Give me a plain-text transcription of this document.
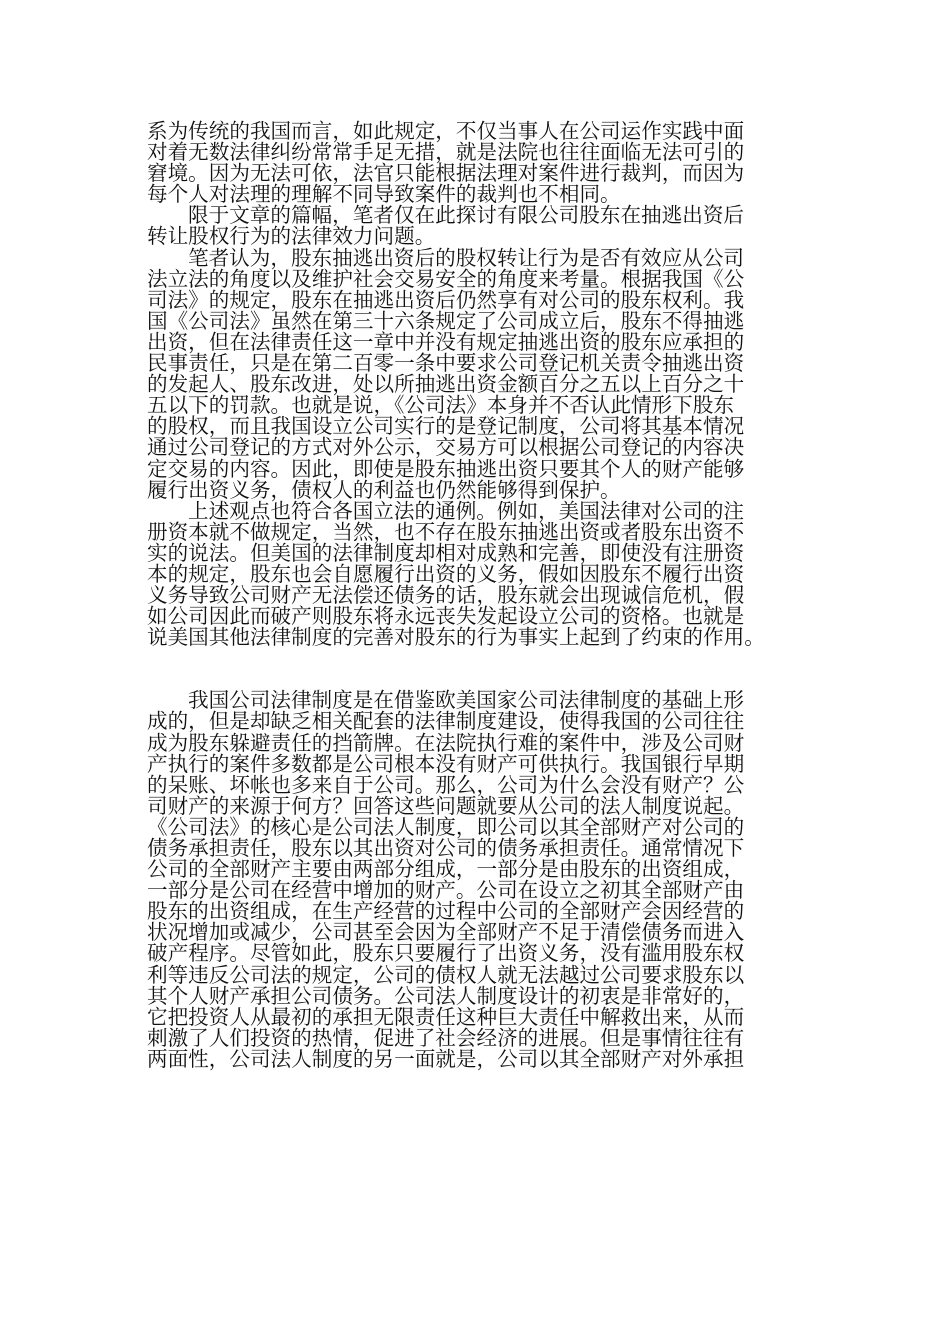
系为传统的我国而言，如此规定，不仅当事人在公司运作实践中面
对着无数法律纠纷常常手足无措，就是法院也往往面临无法可引的
窘境。因为无法可依，法官只能根据法理对案件进行裁判，而因为
每个人对法理的理解不同导致案件的裁判也不相同。
限于文章的篇幅，笔者仅在此探讨有限公司股东在抽逃出资后
转让股权行为的法律效力问题。
笔者认为，股东抽逃出资后的股权转让行为是否有效应从公司
法立法的角度以及维护社会交易安全的角度来考量。根据我国《公
司法》的规定，股东在抽逃出资后仍然享有对公司的股东权利。我
国《公司法》虽然在第三十六条规定了公司成立后，股东不得抽逃
出资，但在法律责任这一章中并没有规定抽逃出资的股东应承担的
民事责任，只是在第二百零一条中要求公司登记机关责令抽逃出资
的发起人、股东改进，处以所抽逃出资金额百分之五以上百分之十
五以下的罚款。也就是说，《公司法》本身并不否认此情形下股东
的股权，而且我国设立公司实行的是登记制度，公司将其基本情况
通过公司登记的方式对外公示，交易方可以根据公司登记的内容决
定交易的内容。因此，即使是股东抽逃出资只要其个人的财产能够
履行出资义务，债权人的利益也仍然能够得到保护。
上述观点也符合各国立法的通例。例如，美国法律对公司的注
册资本就不做规定，当然，也不存在股东抽逃出资或者股东出资不
实的说法。但美国的法律制度却相对成熟和完善，即使没有注册资
本的规定，股东也会自愿履行出资的义务，假如因股东不履行出资
义务导致公司财产无法偿还债务的话，股东就会出现诚信危机，假
如公司因此而破产则股东将永远丧失发起设立公司的资格。也就是
说美国其他法律制度的完善对股东的行为事实上起到了约束的作用。
我国公司法律制度是在借鉴欧美国家公司法律制度的基础上形
成的，但是却缺乏相关配套的法律制度建设，使得我国的公司往往
成为股东躲避责任的挡箭牌。在法院执行难的案件中，涉及公司财
产执行的案件多数都是公司根本没有财产可供执行。我国银行早期
的呆账、坏帐也多来自于公司。那么，公司为什么会没有财产？公
司财产的来源于何方？回答这些问题就要从公司的法人制度说起。
《公司法》的核心是公司法人制度，即公司以其全部财产对公司的
债务承担责任，股东以其出资对公司的债务承担责任。通常情况下
公司的全部财产主要由两部分组成，一部分是由股东的出资组成，
一部分是公司在经营中增加的财产。公司在设立之初其全部财产由
股东的出资组成，在生产经营的过程中公司的全部财产会因经营的
状况增加或减少，公司甚至会因为全部财产不足于清偿债务而进入
破产程序。尽管如此，股东只要履行了出资义务，没有滥用股东权
利等违反公司法的规定，公司的债权人就无法越过公司要求股东以
其个人财产承担公司债务。公司法人制度设计的初衷是非常好的，
它把投资人从最初的承担无限责任这种巨大责任中解救出来，从而
刺激了人们投资的热情，促进了社会经济的进展。但是事情往往有
两面性，公司法人制度的另一面就是，公司以其全部财产对外承担
